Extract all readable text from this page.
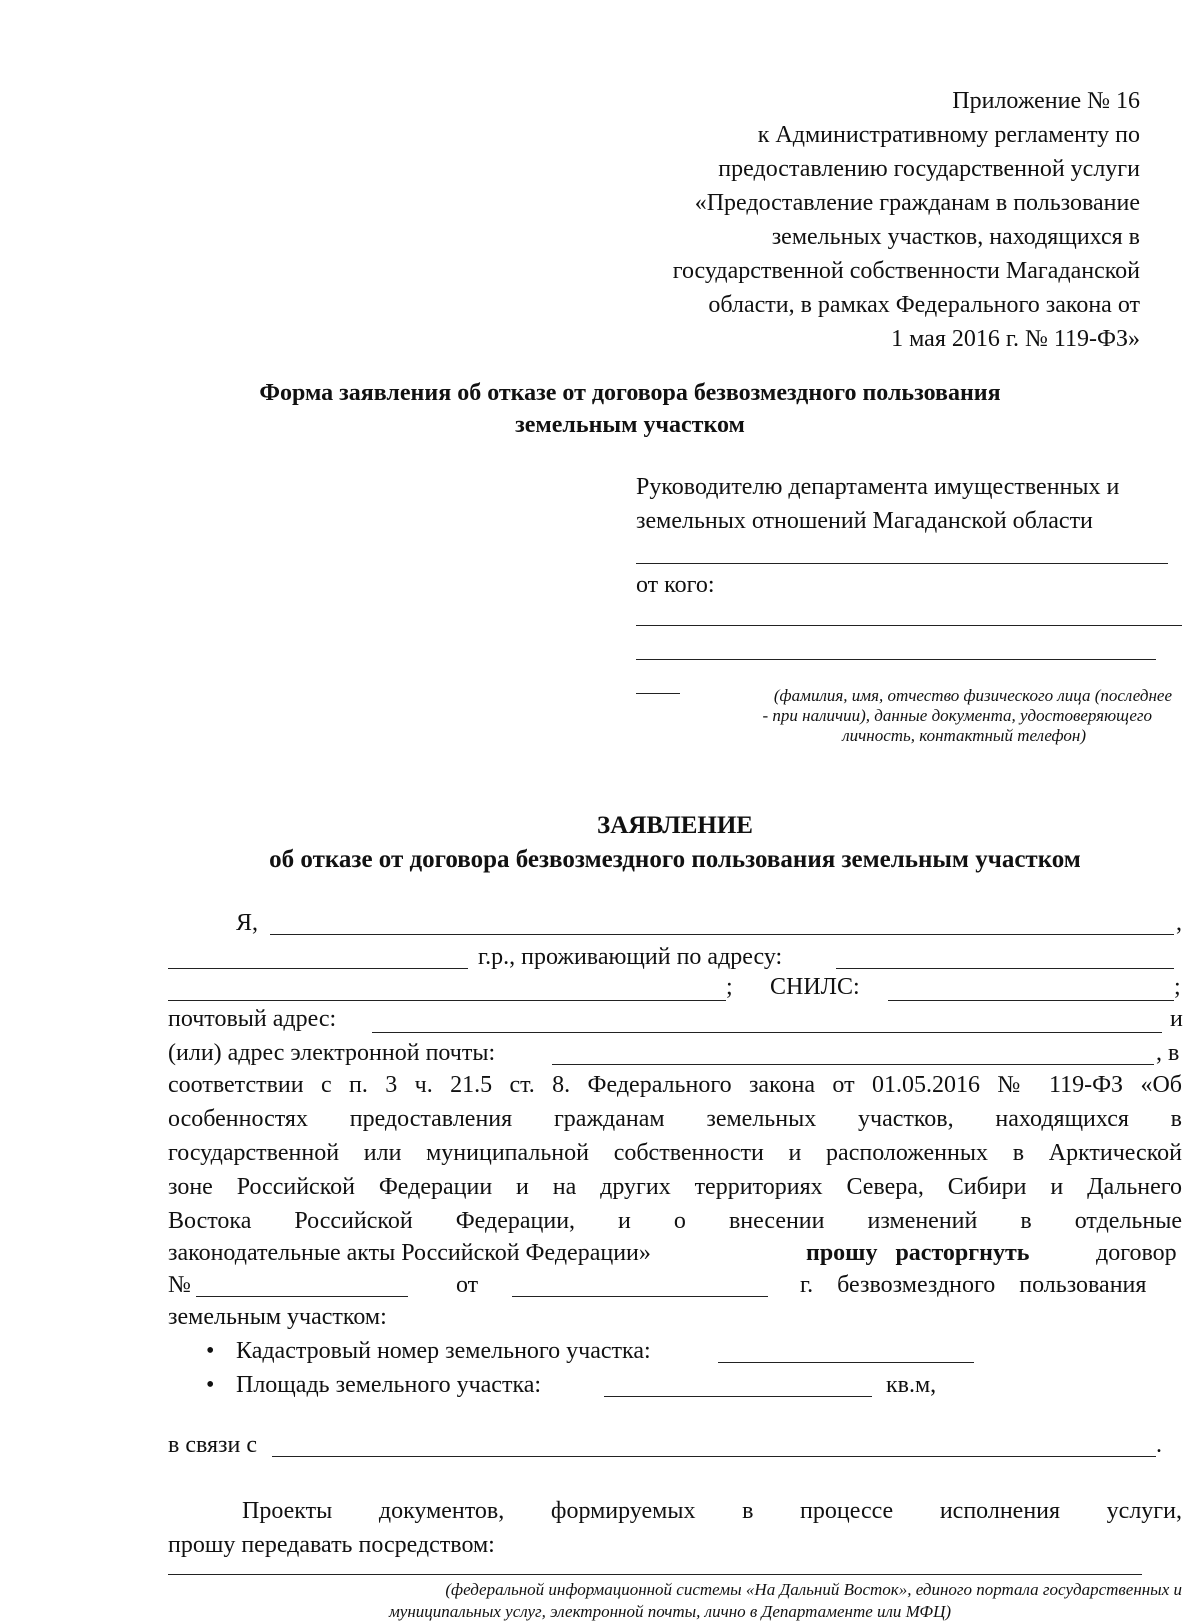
Приложение № 16
к Административному регламенту по
предоставлению государственной услуги
«Предоставление гражданам в пользование
земельных участков, находящихся в
государственной собственности Магаданской
области, в рамках Федерального закона от
1 мая 2016 г. № 119-ФЗ»
Форма заявления об отказе от договора безвозмездного пользования
земельным участком
Руководителю департамента имущественных и
земельных отношений Магаданской области
от кого:
(фамилия, имя, отчество физического лица (последнее
- при наличии), данные документа, удостоверяющего
личность, контактный телефон)
ЗАЯВЛЕНИЕ
об отказе от договора безвозмездного пользования земельным участком
Я,	,
г.р., проживающий по адресу:
; СНИЛС:	;
почтовый адрес:	и
(или) адрес электронной почты:	, в
соответствии с п. 3 ч. 21.5 ст. 8. Федерального закона от 01.05.2016 № 119-ФЗ «Об
особенностях предоставления гражданам земельных участков, находящихся в
государственной или муниципальной собственности и расположенных в Арктической
зоне Российской Федерации и на других территориях Севера, Сибири и Дальнего
Востока Российской Федерации, и о внесении изменений в отдельные
законодательные акты Российской Федерации»	прошу расторгнуть	договор
№	от	г. безвозмездного пользования
земельным участком:
• Кадастровый номер земельного участка:
• Площадь земельного участка:	кв.м,
в связи с	.
Проекты документов, формируемых в процессе исполнения услуги,
прошу передавать посредством:
(федеральной информационной системы «На Дальний Восток», единого портала государственных и
муниципальных услуг, электронной почты, лично в Департаменте или МФЦ)
